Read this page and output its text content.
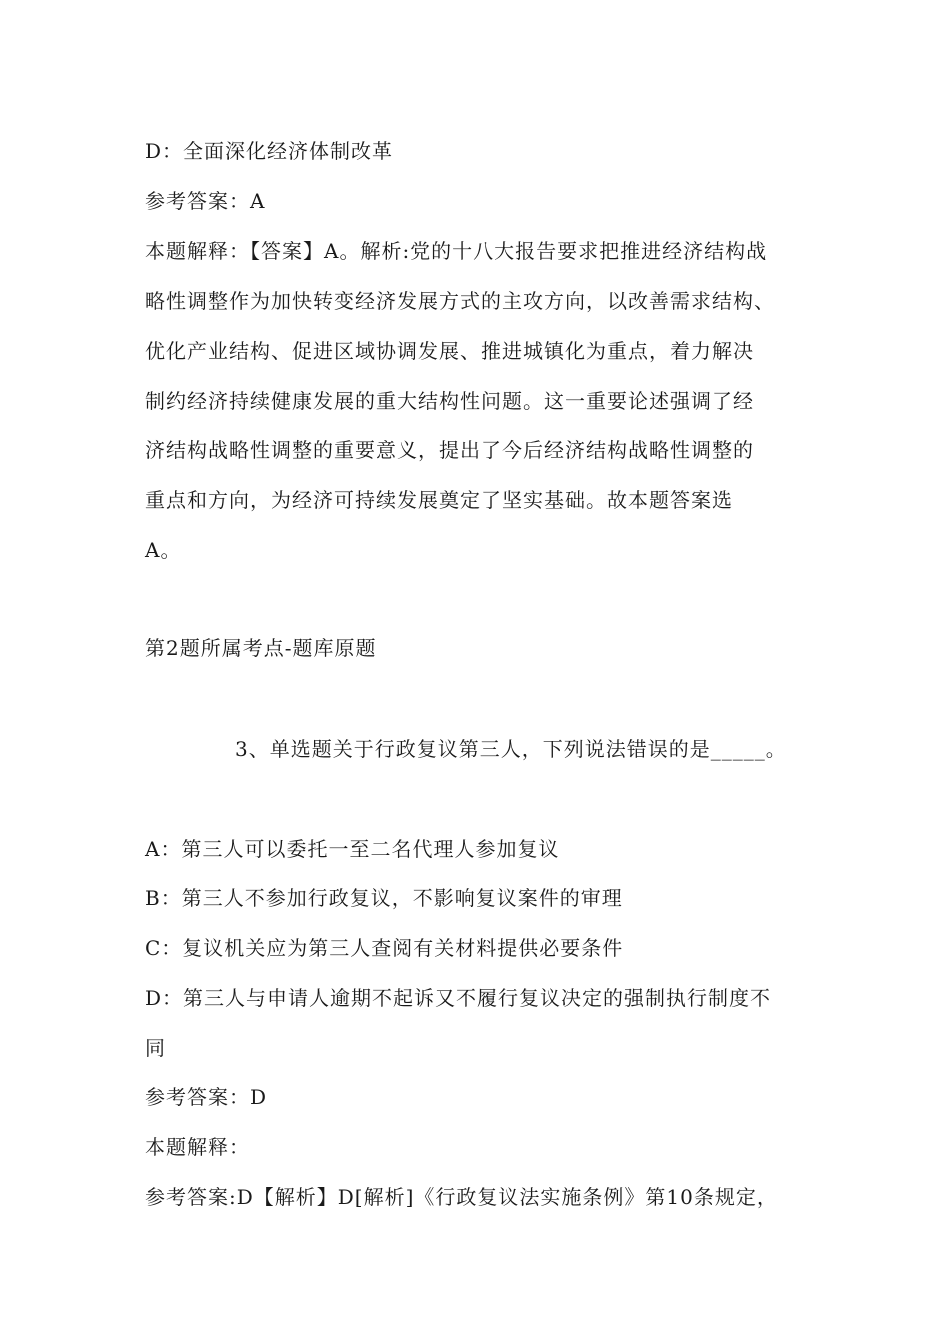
D：全面深化经济体制改革
参考答案：A
本题解释：【答案】A。解析:党的十八大报告要求把推进经济结构战
略性调整作为加快转变经济发展方式的主攻方向，以改善需求结构、
优化产业结构、促进区域协调发展、推进城镇化为重点，着力解决
制约经济持续健康发展的重大结构性问题。这一重要论述强调了经
济结构战略性调整的重要意义，提出了今后经济结构战略性调整的
重点和方向，为经济可持续发展奠定了坚实基础。故本题答案选
A。
第2题所属考点-题库原题
3、单选题关于行政复议第三人，下列说法错误的是_____。
A：第三人可以委托一至二名代理人参加复议
B：第三人不参加行政复议，不影响复议案件的审理
C：复议机关应为第三人查阅有关材料提供必要条件
D：第三人与申请人逾期不起诉又不履行复议决定的强制执行制度不
同
参考答案：D
本题解释：
参考答案:D【解析】D[解析]《行政复议法实施条例》第10条规定，
